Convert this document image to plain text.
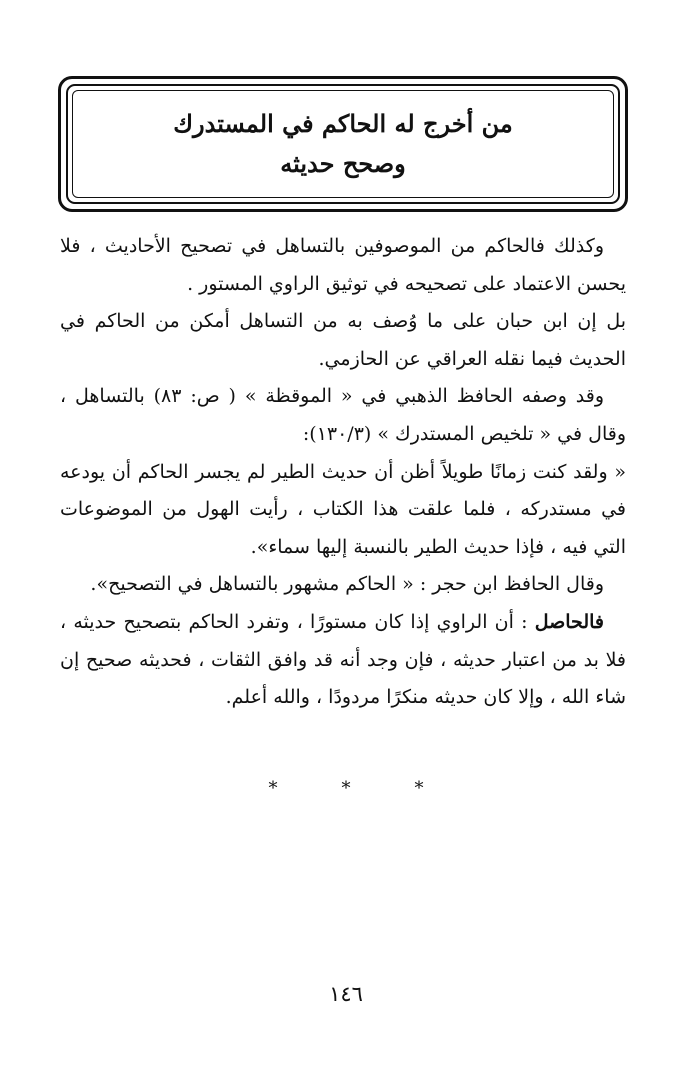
من أخرج له الحاكم في المستدرك
وصحح حديثه

وكذلك فالحاكم من الموصوفين بالتساهل في تصحيح الأحاديث ، فلا يحسن الاعتماد على تصحيحه في توثيق الراوي المستور .

بل إن ابن حبان على ما وُصف به من التساهل أمكن من الحاكم في الحديث فيما نقله العراقي عن الحازمي.

وقد وصفه الحافظ الذهبي في « الموقظة » ( ص: ٨٣) بالتساهل ، وقال في « تلخيص المستدرك » (١٣٠/٣):

« ولقد كنت زمانًا طويلاً أظن أن حديث الطير لم يجسر الحاكم أن يودعه في مستدركه ، فلما علقت هذا الكتاب ، رأيت الهول من الموضوعات التي فيه ، فإذا حديث الطير بالنسبة إليها سماء».

وقال الحافظ ابن حجر : « الحاكم مشهور بالتساهل في التصحيح».

فالحاصل : أن الراوي إذا كان مستورًا ، وتفرد الحاكم بتصحيح حديثه ، فلا بد من اعتبار حديثه ، فإن وجد أنه قد وافق الثقات ، فحديثه صحيح إن شاء الله ، وإلا كان حديثه منكرًا مردودًا ، والله أعلم.

*
*
*
١٤٦
